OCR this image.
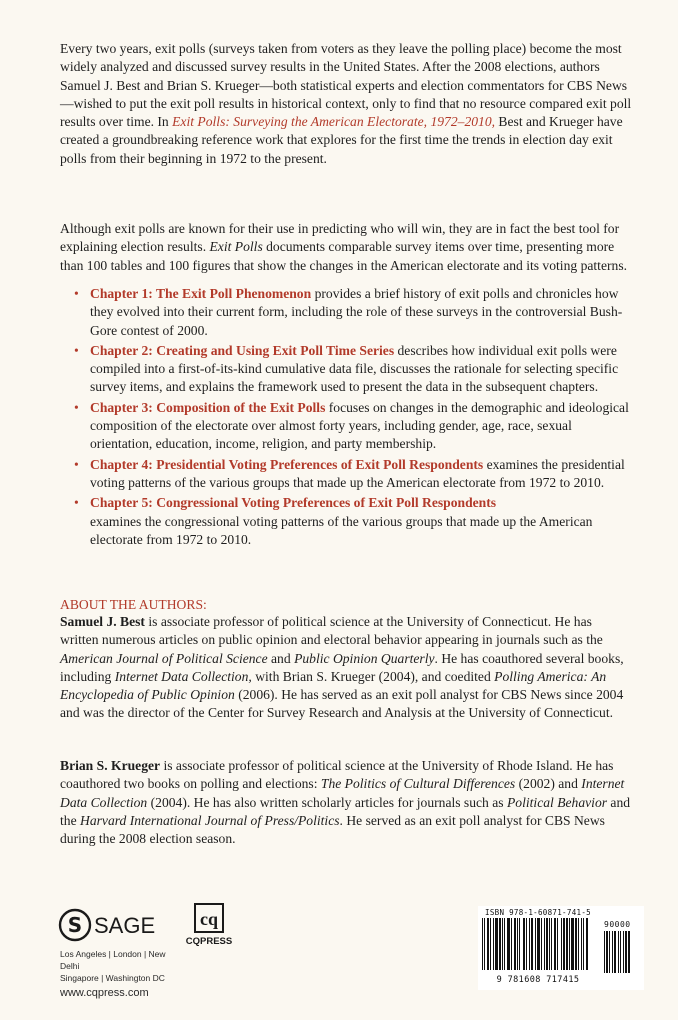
Every two years, exit polls (surveys taken from voters as they leave the polling place) become the most widely analyzed and discussed survey results in the United States. After the 2008 elections, authors Samuel J. Best and Brian S. Krueger—both statistical experts and election commentators for CBS News—wished to put the exit poll results in historical context, only to find that no resource compared exit poll results over time. In Exit Polls: Surveying the American Electorate, 1972–2010, Best and Krueger have created a groundbreaking reference work that explores for the first time the trends in election day exit polls from their beginning in 1972 to the present.

Although exit polls are known for their use in predicting who will win, they are in fact the best tool for explaining election results. Exit Polls documents comparable survey items over time, presenting more than 100 tables and 100 figures that show the changes in the American electorate and its voting patterns.

• Chapter 1: The Exit Poll Phenomenon provides a brief history of exit polls and chronicles how they evolved into their current form, including the role of these surveys in the controversial Bush-Gore contest of 2000.
• Chapter 2: Creating and Using Exit Poll Time Series describes how individual exit polls were compiled into a first-of-its-kind cumulative data file, discusses the rationale for selecting specific survey items, and explains the framework used to present the data in the subsequent chapters.
• Chapter 3: Composition of the Exit Polls focuses on changes in the demographic and ideological composition of the electorate over almost forty years, including gender, age, race, sexual orientation, education, income, religion, and party membership.
• Chapter 4: Presidential Voting Preferences of Exit Poll Respondents examines the presidential voting patterns of the various groups that made up the American electorate from 1972 to 2010.
• Chapter 5: Congressional Voting Preferences of Exit Poll Respondents
examines the congressional voting patterns of the various groups that made up the American electorate from 1972 to 2010.
ABOUT THE AUTHORS:

Samuel J. Best is associate professor of political science at the University of Connecticut. He has written numerous articles on public opinion and electoral behavior appearing in journals such as the American Journal of Political Science and Public Opinion Quarterly. He has coauthored several books, including Internet Data Collection, with Brian S. Krueger (2004), and coedited Polling America: An Encyclopedia of Public Opinion (2006). He has served as an exit poll analyst for CBS News since 2004 and was the director of the Center for Survey Research and Analysis at the University of Connecticut.

Brian S. Krueger is associate professor of political science at the University of Rhode Island. He has coauthored two books on polling and elections: The Politics of Cultural Differences (2002) and Internet Data Collection (2004). He has also written scholarly articles for journals such as Political Behavior and the Harvard International Journal of Press/Politics. He served as an exit poll analyst for CBS News during the 2008 election season.

S SAGE
Los Angeles | London | New Delhi
Singapore | Washington DC
cq
CQPRESS
www.cqpress.com
ISBN 978-1-60871-741-5
90000
9 781608 717415
